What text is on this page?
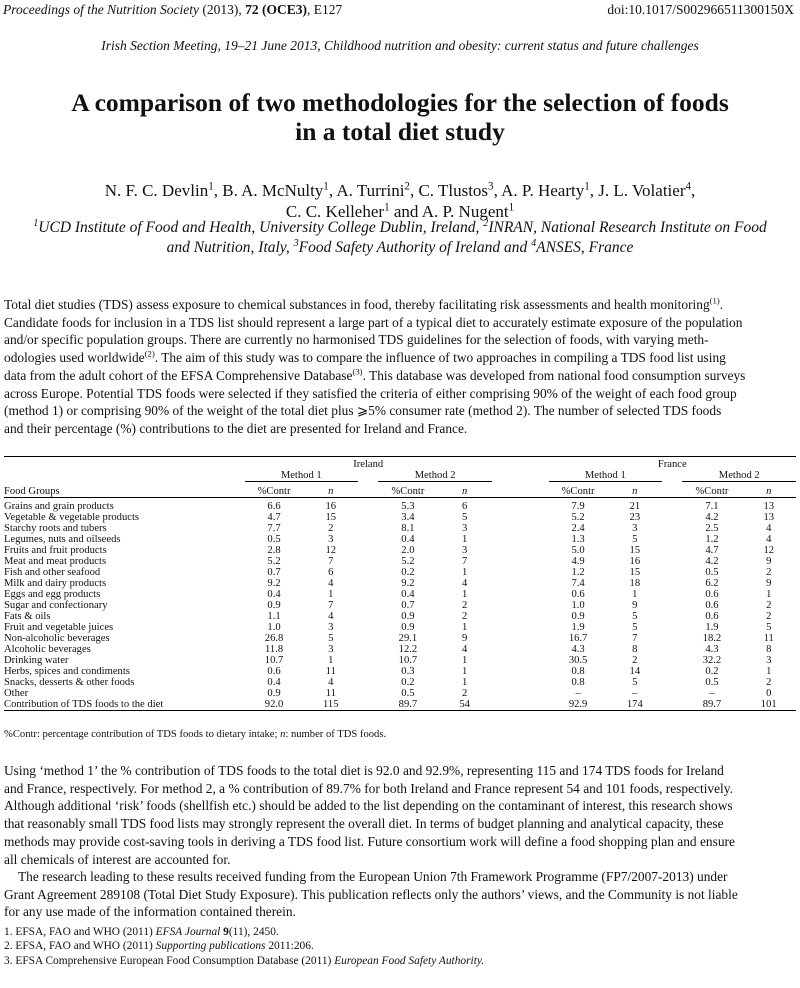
Proceedings of the Nutrition Society (2013), 72 (OCE3), E127	doi:10.1017/S002966511300150X
Irish Section Meeting, 19–21 June 2013, Childhood nutrition and obesity: current status and future challenges
A comparison of two methodologies for the selection of foods
in a total diet study
N. F. C. Devlin$^1$, B. A. McNulty$^1$, A. Turrini$^2$, C. Tlustos$^3$, A. P. Hearty$^1$, J. L. Volatier$^4$,
C. C. Kelleher$^1$ and A. P. Nugent$^1$
$^1$UCD Institute of Food and Health, University College Dublin, Ireland, $^2$INRAN, National Research Institute on Food
and Nutrition, Italy, $^3$Food Safety Authority of Ireland and $^4$ANSES, France
Total diet studies (TDS) assess exposure to chemical substances in food, thereby facilitating risk assessments and health monitoring$^{(1)}$.
Candidate foods for inclusion in a TDS list should represent a large part of a typical diet to accurately estimate exposure of the population
and/or specific population groups. There are currently no harmonised TDS guidelines for the selection of foods, with varying meth-
odologies used worldwide$^{(2)}$. The aim of this study was to compare the influence of two approaches in compiling a TDS food list using
data from the adult cohort of the EFSA Comprehensive Database$^{(3)}$. This database was developed from national food consumption surveys
across Europe. Potential TDS foods were selected if they satisfied the criteria of either comprising 90% of the weight of each food group
(method 1) or comprising 90% of the weight of the total diet plus ⩾5% consumer rate (method 2). The number of selected TDS foods
and their percentage (%) contributions to the diet are presented for Ireland and France.

	Ireland						France				
	Method 1			Method 2			Method 1			Method 2	
Food Groups	%Contr	n		%Contr	n		%Contr	n		%Contr	n

Grains and grain products	6.6	16		5.3	6		7.9	21		7.1	13
Vegetable & vegetable products	4.7	15		3.4	5		5.2	23		4.2	13
Starchy roots and tubers	7.7	2		8.1	3		2.4	3		2.5	4
Legumes, nuts and oilseeds	0.5	3		0.4	1		1.3	5		1.2	4
Fruits and fruit products	2.8	12		2.0	3		5.0	15		4.7	12
Meat and meat products	5.2	7		5.2	7		4.9	16		4.2	9
Fish and other seafood	0.7	6		0.2	1		1.2	15		0.5	2
Milk and dairy products	9.2	4		9.2	4		7.4	18		6.2	9
Eggs and egg products	0.4	1		0.4	1		0.6	1		0.6	1
Sugar and confectionary	0.9	7		0.7	2		1.0	9		0.6	2
Fats & oils	1.1	4		0.9	2		0.9	5		0.6	2
Fruit and vegetable juices	1.0	3		0.9	1		1.9	5		1.9	5
Non-alcoholic beverages	26.8	5		29.1	9		16.7	7		18.2	11
Alcoholic beverages	11.8	3		12.2	4		4.3	8		4.3	8
Drinking water	10.7	1		10.7	1		30.5	2		32.2	3
Herbs, spices and condiments	0.6	11		0.3	1		0.8	14		0.2	1
Snacks, desserts & other foods	0.4	4		0.2	1		0.8	5		0.5	2
Other	0.9	11		0.5	2		–	–		–	0
Contribution of TDS foods to the diet	92.0	115		89.7	54		92.9	174		89.7	101
%Contr: percentage contribution of TDS foods to dietary intake; n: number of TDS foods.
Using ‘method 1’ the % contribution of TDS foods to the total diet is 92.0 and 92.9%, representing 115 and 174 TDS foods for Ireland
and France, respectively. For method 2, a % contribution of 89.7% for both Ireland and France represent 54 and 101 foods, respectively.
Although additional ‘risk’ foods (shellfish etc.) should be added to the list depending on the contaminant of interest, this research shows
that reasonably small TDS food lists may strongly represent the overall diet. In terms of budget planning and analytical capacity, these
methods may provide cost-saving tools in deriving a TDS food list. Future consortium work will define a food shopping plan and ensure
all chemicals of interest are accounted for.
The research leading to these results received funding from the European Union 7th Framework Programme (FP7/2007-2013) under
Grant Agreement 289108 (Total Diet Study Exposure). This publication reflects only the authors’ views, and the Community is not liable
for any use made of the information contained therein.
1. EFSA, FAO and WHO (2011) EFSA Journal 9(11), 2450.
2. EFSA, FAO and WHO (2011) Supporting publications 2011:206.
3. EFSA Comprehensive European Food Consumption Database (2011) European Food Safety Authority.
